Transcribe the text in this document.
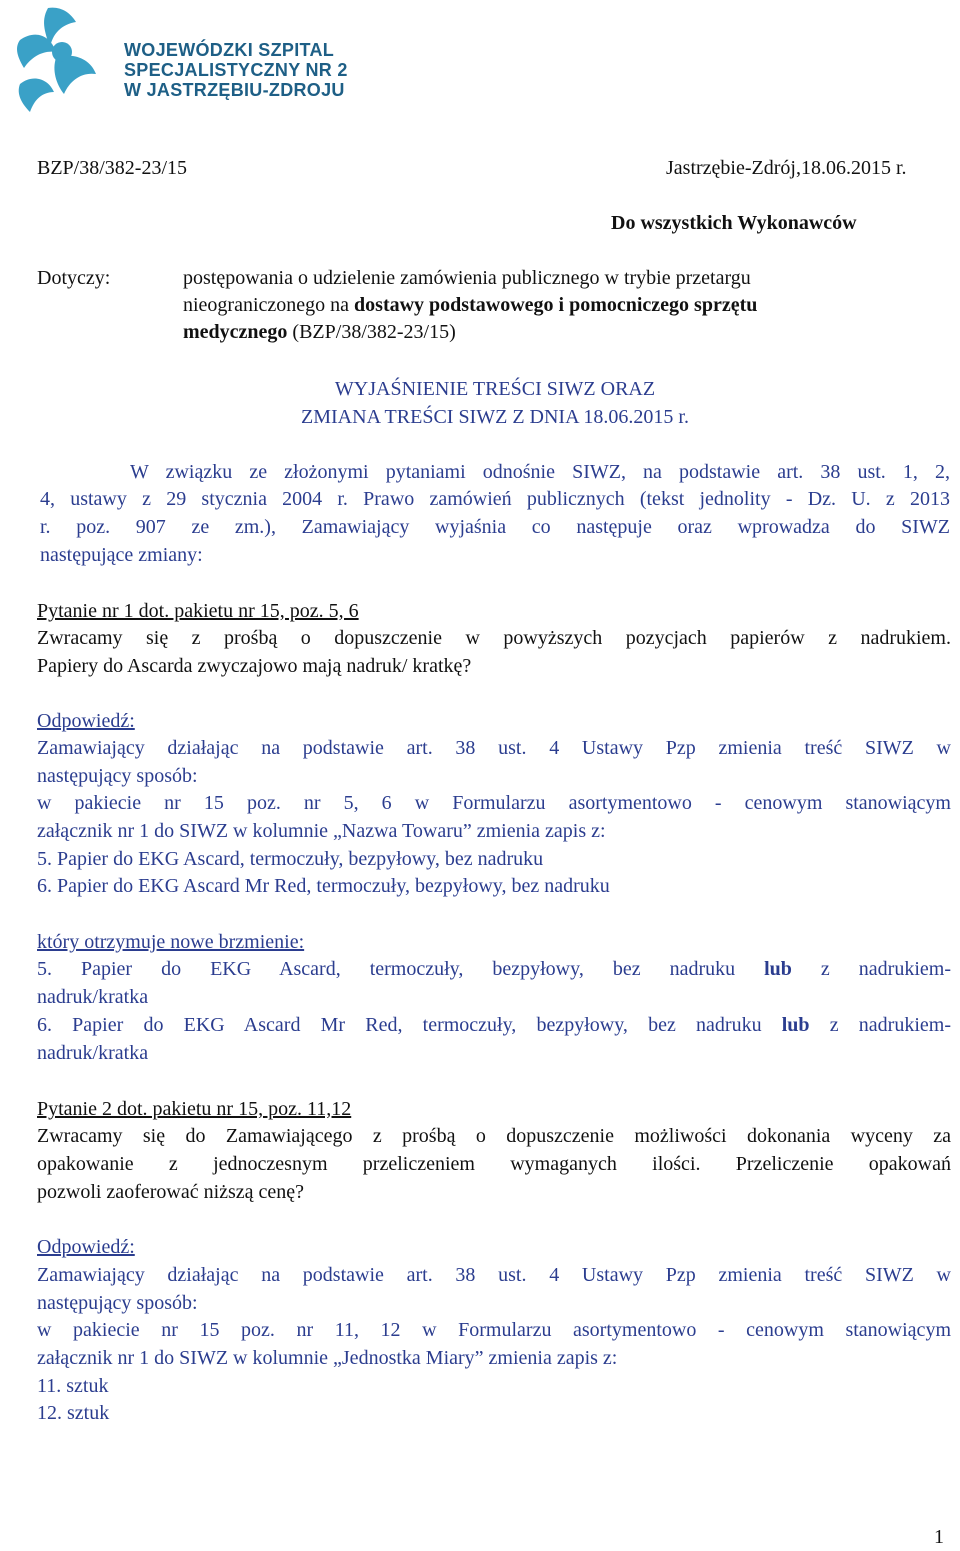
WOJEWÓDZKI SZPITAL
SPECJALISTYCZNY NR 2
W JASTRZĘBIU-ZDROJU
BZP/38/382-23/15	Jastrzębie-Zdrój,18.06.2015 r.
Do wszystkich Wykonawców
Dotyczy:	postępowania o udzielenie zamówienia publicznego w trybie przetargu
nieograniczonego na dostawy podstawowego i pomocniczego sprzętu
medycznego (BZP/38/382-23/15)
WYJAŚNIENIE TREŚCI SIWZ ORAZ
ZMIANA TREŚCI SIWZ Z DNIA 18.06.2015 r.
W związku ze złożonymi pytaniami odnośnie SIWZ, na podstawie art. 38 ust. 1, 2,
4, ustawy z 29 stycznia 2004 r. Prawo zamówień publicznych (tekst jednolity - Dz. U. z 2013
r. poz. 907 ze zm.), Zamawiający wyjaśnia co następuje oraz wprowadza do SIWZ
następujące zmiany:
Pytanie nr 1 dot. pakietu nr 15, poz. 5, 6
Zwracamy się z prośbą o dopuszczenie w powyższych pozycjach papierów z nadrukiem.
Papiery do Ascarda zwyczajowo mają nadruk/ kratkę?
Odpowiedź:
Zamawiający działając na podstawie art. 38 ust. 4 Ustawy Pzp zmienia treść SIWZ w
następujący sposób:
w pakiecie nr 15 poz. nr 5, 6 w Formularzu asortymentowo - cenowym stanowiącym
załącznik nr 1 do SIWZ w kolumnie „Nazwa Towaru” zmienia zapis z:
5. Papier do EKG Ascard, termoczuły, bezpyłowy, bez nadruku
6. Papier do EKG Ascard Mr Red, termoczuły, bezpyłowy, bez nadruku
który otrzymuje nowe brzmienie:
5. Papier do EKG Ascard, termoczuły, bezpyłowy, bez nadruku lub z nadrukiem-
nadruk/kratka
6. Papier do EKG Ascard Mr Red, termoczuły, bezpyłowy, bez nadruku lub z nadrukiem-
nadruk/kratka
Pytanie 2 dot. pakietu nr 15, poz. 11,12
Zwracamy się do Zamawiającego z prośbą o dopuszczenie możliwości dokonania wyceny za
opakowanie z jednoczesnym przeliczeniem wymaganych ilości. Przeliczenie opakowań
pozwoli zaoferować niższą cenę?
Odpowiedź:
Zamawiający działając na podstawie art. 38 ust. 4 Ustawy Pzp zmienia treść SIWZ w
następujący sposób:
w pakiecie nr 15 poz. nr 11, 12 w Formularzu asortymentowo - cenowym stanowiącym
załącznik nr 1 do SIWZ w kolumnie „Jednostka Miary” zmienia zapis z:
11. sztuk
12. sztuk
1
